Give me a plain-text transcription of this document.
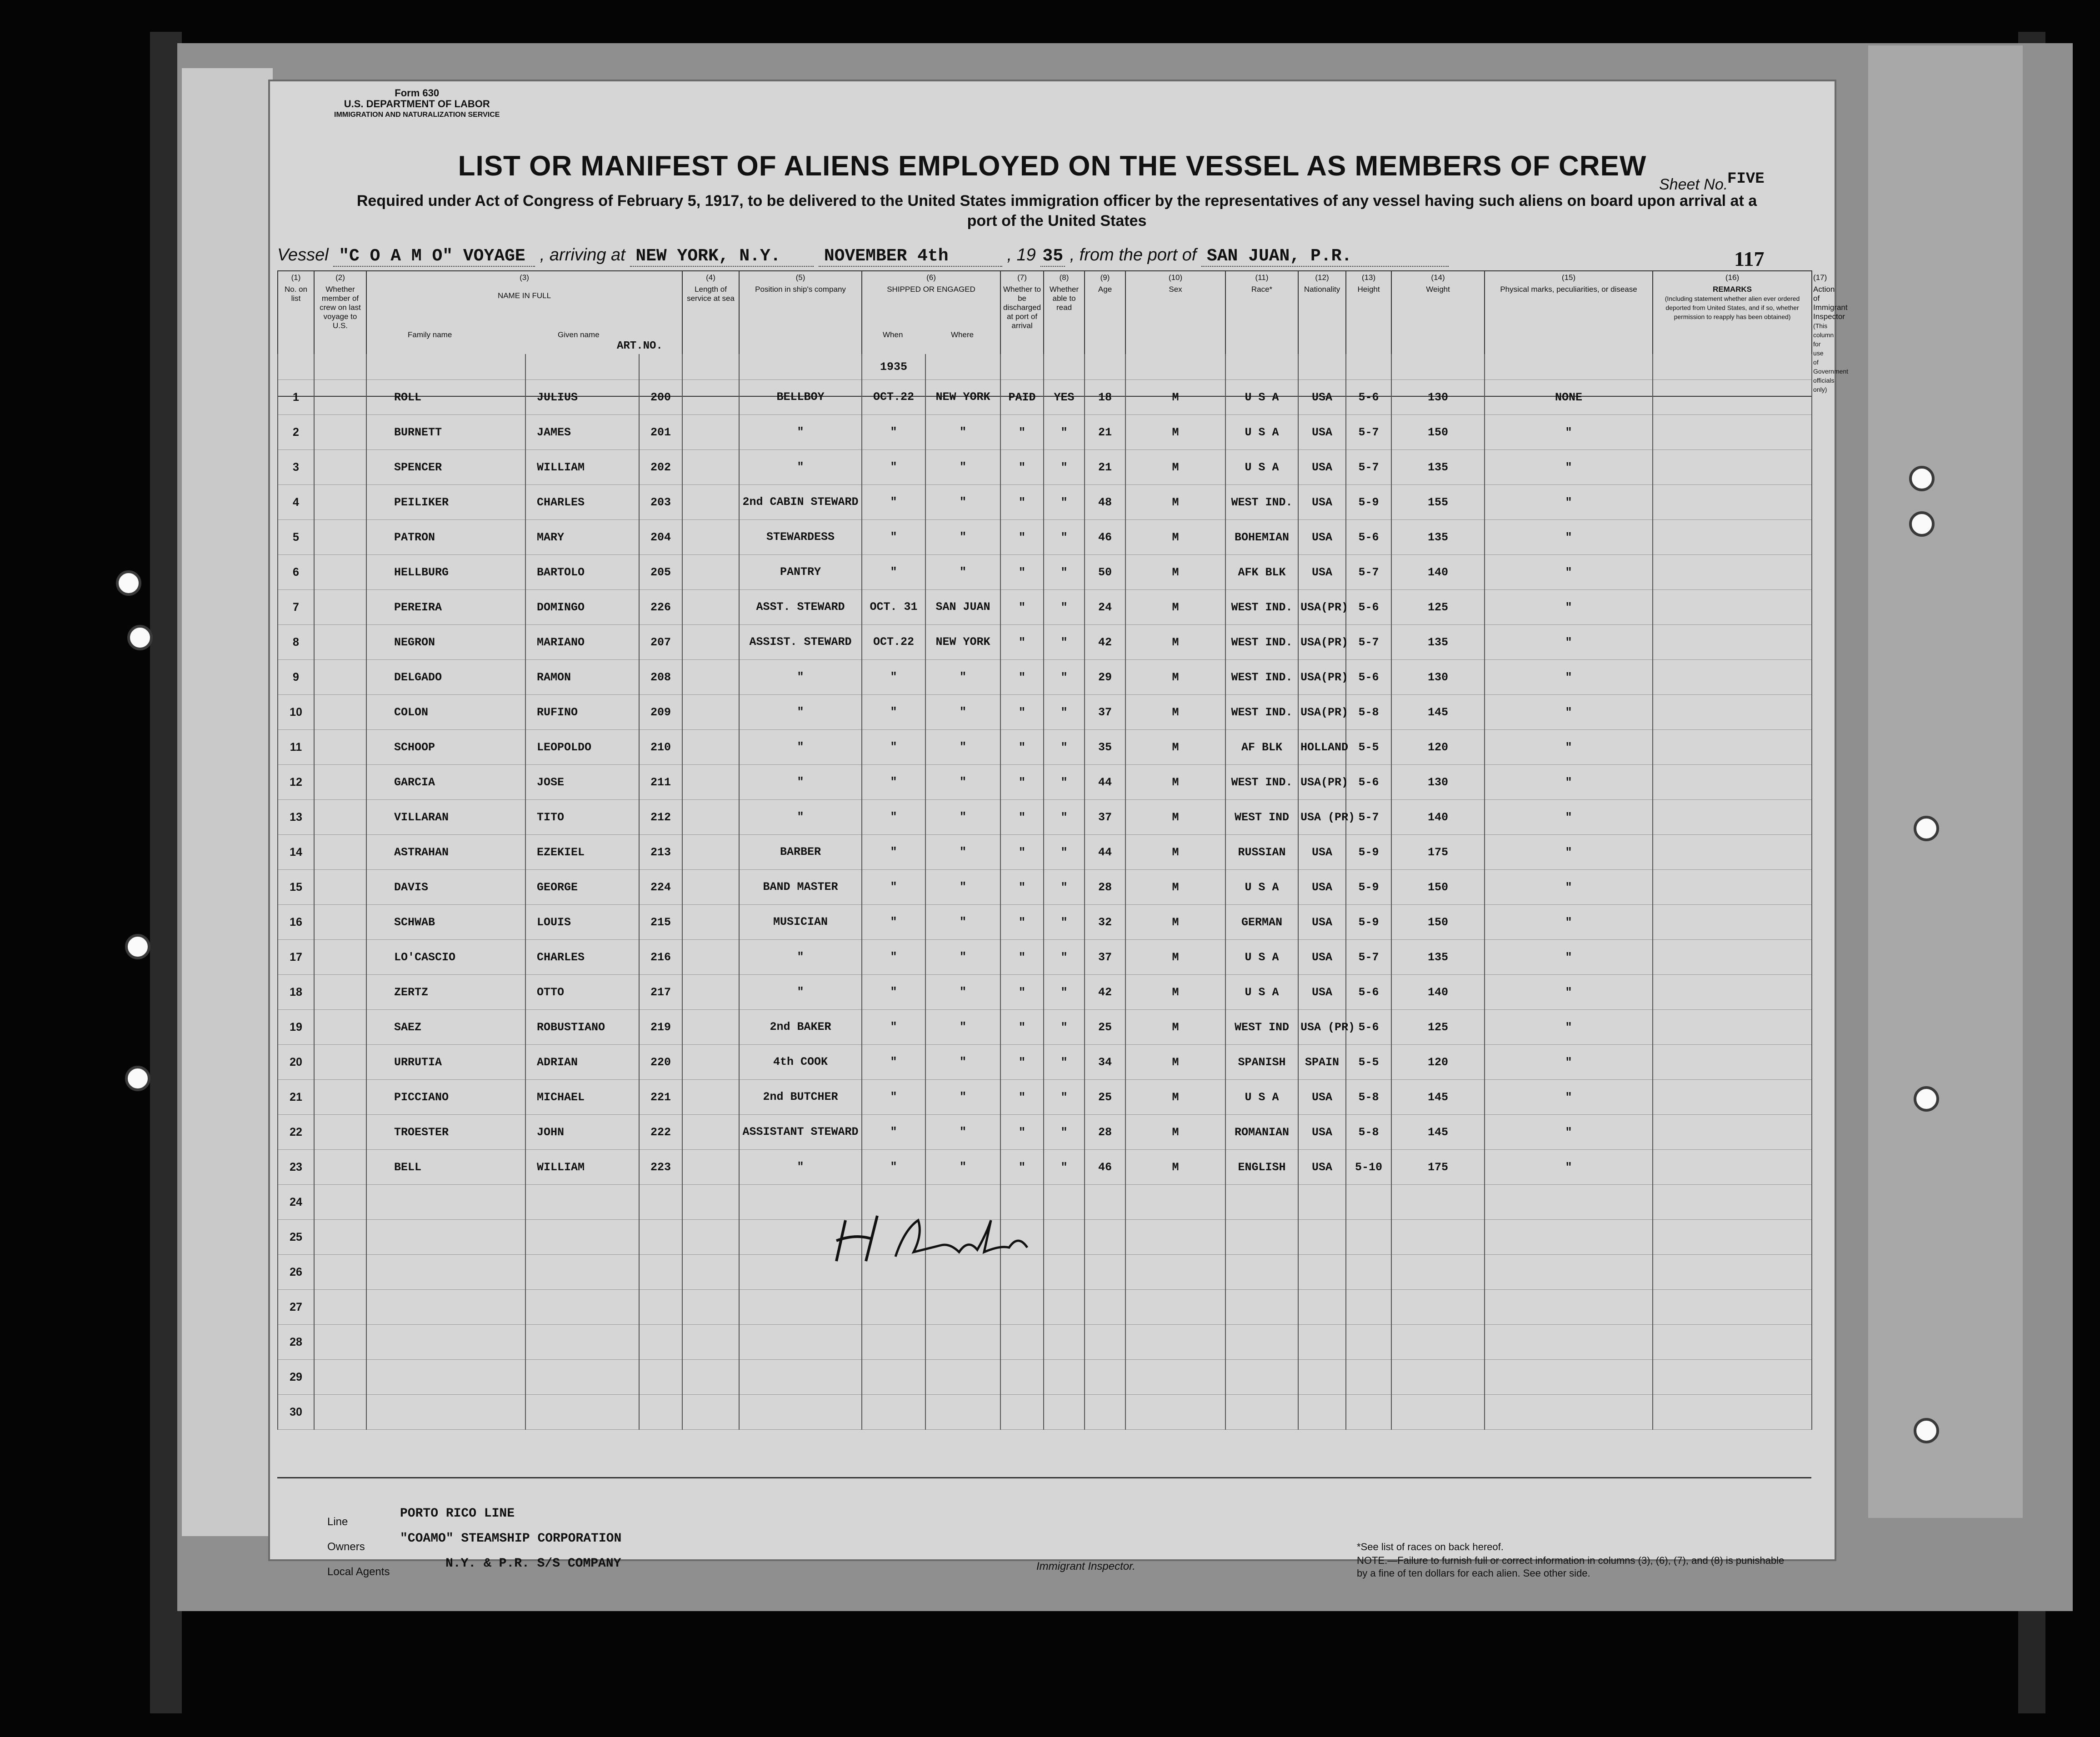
Form 630
U.S. DEPARTMENT OF LABOR
IMMIGRATION AND NATURALIZATION SERVICE
Sheet No.
FIVE
LIST OR MANIFEST OF ALIENS EMPLOYED ON THE VESSEL AS MEMBERS OF CREW
Required under Act of Congress of February 5, 1917, to be delivered to the United States immigration officer by the representatives of any vessel having such aliens on board upon arrival at a port of the United States
Vessel "C O A M O" VOYAGE , arriving at NEW YORK, N.Y.	NOVEMBER 4th	, 19 35 , from the port of SAN JUAN, P.R.	117
(1)
No. on list	
(2)
Whether member of crew on last voyage to U.S.	
(3)
NAME IN FULL
Family name	Given name
ART.NO.

(4)
Length of service at sea	
(5)
Position in ship's company	
(6)
SHIPPED OR ENGAGED
When	Where

(7)
Whether to be discharged at port of arrival	
(8)
Whether able to read	
(9)
Age	
(10)
Sex	
(11)
Race*	
(12)
Nationality	
(13)
Height	
(14)
Weight	
(15)
Physical marks, peculiarities, or disease	
(16)
REMARKS
(Including statement whether alien ever ordered deported from United States, and if so, whether permission to reapply has been obtained)	
(17)
Action of Immigrant Inspector
(This column for use of Government officials only)
							1935											
1		ROLL	JULIUS	200		BELLBOY	OCT.22	NEW YORK	PAID	YES	18	M	U S A	USA	5-6	130	NONE	
2		BURNETT	JAMES	201		"	"	"	"	"	21	M	U S A	USA	5-7	150	"	
3		SPENCER	WILLIAM	202		"	"	"	"	"	21	M	U S A	USA	5-7	135	"	
4		PEILIKER	CHARLES	203		2nd CABIN STEWARD	"	"	"	"	48	M	WEST IND.	USA	5-9	155	"	
5		PATRON	MARY	204		STEWARDESS	"	"	"	"	46	M	BOHEMIAN	USA	5-6	135	"	
6		HELLBURG	BARTOLO	205		PANTRY	"	"	"	"	50	M	AFK BLK	USA	5-7	140	"	
7		PEREIRA	DOMINGO	226		ASST. STEWARD	OCT. 31	SAN JUAN	"	"	24	M	WEST IND.	USA(PR)	5-6	125	"	
8		NEGRON	MARIANO	207		ASSIST. STEWARD	OCT.22	NEW YORK	"	"	42	M	WEST IND.	USA(PR)	5-7	135	"	
9		DELGADO	RAMON	208		"	"	"	"	"	29	M	WEST IND.	USA(PR)	5-6	130	"	
10		COLON	RUFINO	209		"	"	"	"	"	37	M	WEST IND.	USA(PR)	5-8	145	"	
11		SCHOOP	LEOPOLDO	210		"	"	"	"	"	35	M	AF BLK	HOLLAND	5-5	120	"	
12		GARCIA	JOSE	211		"	"	"	"	"	44	M	WEST IND.	USA(PR)	5-6	130	"	
13		VILLARAN	TITO	212		"	"	"	"	"	37	M	WEST IND	USA (PR)	5-7	140	"	
14		ASTRAHAN	EZEKIEL	213		BARBER	"	"	"	"	44	M	RUSSIAN	USA	5-9	175	"	
15		DAVIS	GEORGE	224		BAND MASTER	"	"	"	"	28	M	U S A	USA	5-9	150	"	
16		SCHWAB	LOUIS	215		MUSICIAN	"	"	"	"	32	M	GERMAN	USA	5-9	150	"	
17		LO'CASCIO	CHARLES	216		"	"	"	"	"	37	M	U S A	USA	5-7	135	"	
18		ZERTZ	OTTO	217		"	"	"	"	"	42	M	U S A	USA	5-6	140	"	
19		SAEZ	ROBUSTIANO	219		2nd BAKER	"	"	"	"	25	M	WEST IND	USA (PR)	5-6	125	"	
20		URRUTIA	ADRIAN	220		4th COOK	"	"	"	"	34	M	SPANISH	SPAIN	5-5	120	"	
21		PICCIANO	MICHAEL	221		2nd BUTCHER	"	"	"	"	25	M	U S A	USA	5-8	145	"	
22		TROESTER	JOHN	222		ASSISTANT STEWARD	"	"	"	"	28	M	ROMANIAN	USA	5-8	145	"	
23		BELL	WILLIAM	223		"	"	"	"	"	46	M	ENGLISH	USA	5-10	175	"	
24																		
25																		
26																		
27																		
28																		
29																		
30																		
H. Smith
Line
PORTO RICO LINE
Owners
"COAMO" STEAMSHIP CORPORATION
Local Agents
N.Y. & P.R. S/S COMPANY	Immigrant Inspector.
*See list of races on back hereof.
NOTE.—Failure to furnish full or correct information in columns (3), (6), (7), and (8) is punishable by a fine of ten dollars for each alien. See other side.
